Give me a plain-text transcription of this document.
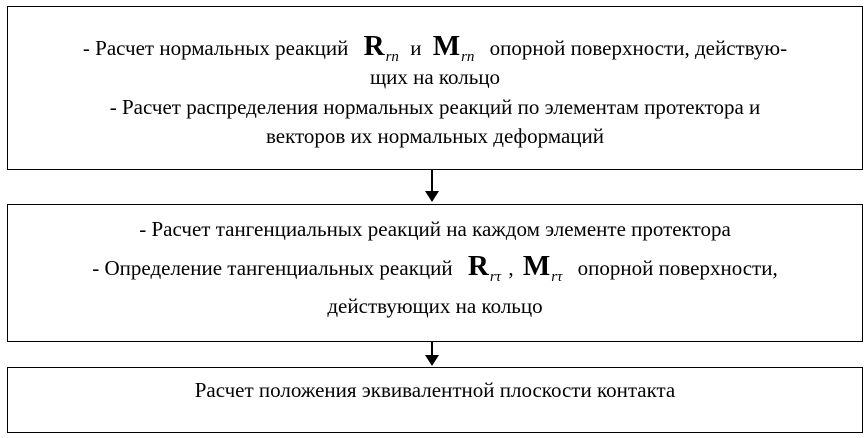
- Расчет нормальных реакций $R_{rn}$ и $M_{rn}$ опорной поверхности, действую-
щих на кольцо
- Расчет распределения нормальных реакций по элементам протектора и
векторов их нормальных деформаций
- Расчет тангенциальных реакций на каждом элементе протектора
- Определение тангенциальных реакций $R_{r\tau}$ , $M_{r\tau}$ опорной поверхности,
действующих на кольцо
Расчет положения эквивалентной плоскости контакта
